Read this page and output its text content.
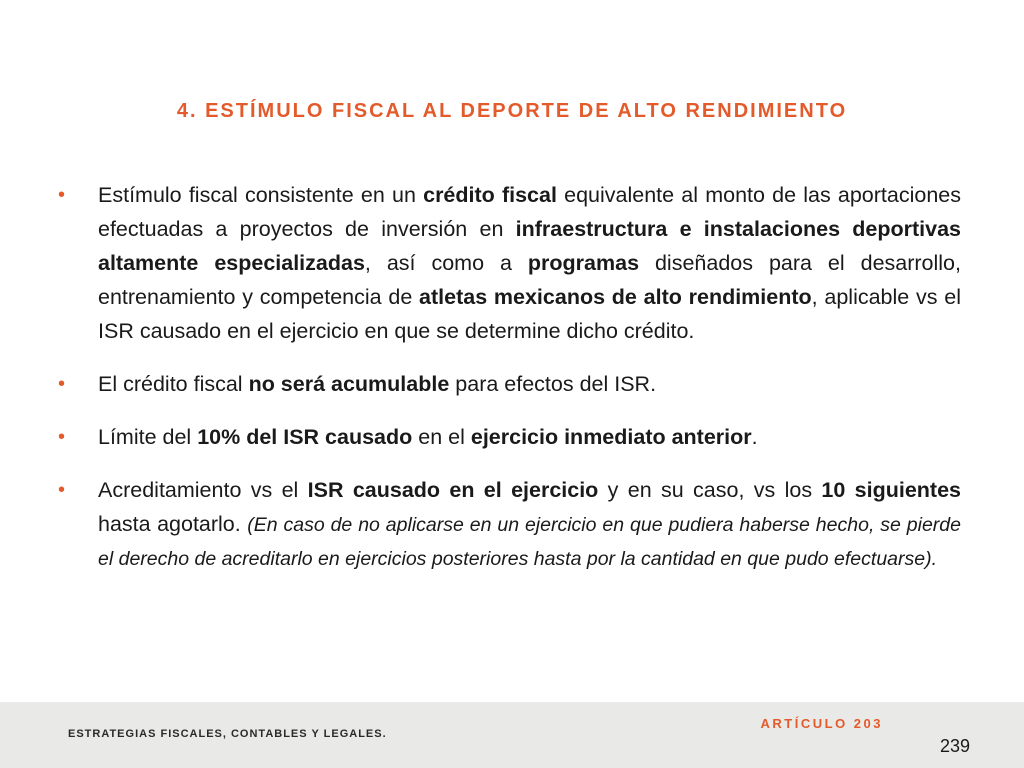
4. ESTÍMULO FISCAL AL DEPORTE DE ALTO RENDIMIENTO
• Estímulo fiscal consistente en un crédito fiscal equivalente al monto de las aportaciones efectuadas a proyectos de inversión en infraestructura e instalaciones deportivas altamente especializadas, así como a programas diseñados para el desarrollo, entrenamiento y competencia de atletas mexicanos de alto rendimiento, aplicable vs el ISR causado en el ejercicio en que se determine dicho crédito.
• El crédito fiscal no será acumulable para efectos del ISR.
• Límite del 10% del ISR causado en el ejercicio inmediato anterior.
• Acreditamiento vs el ISR causado en el ejercicio y en su caso, vs los 10 siguientes hasta agotarlo. (En caso de no aplicarse en un ejercicio en que pudiera haberse hecho, se pierde el derecho de acreditarlo en ejercicios posteriores hasta por la cantidad en que pudo efectuarse).
ESTRATEGIAS FISCALES, CONTABLES Y LEGALES.
ARTÍCULO 203
239
